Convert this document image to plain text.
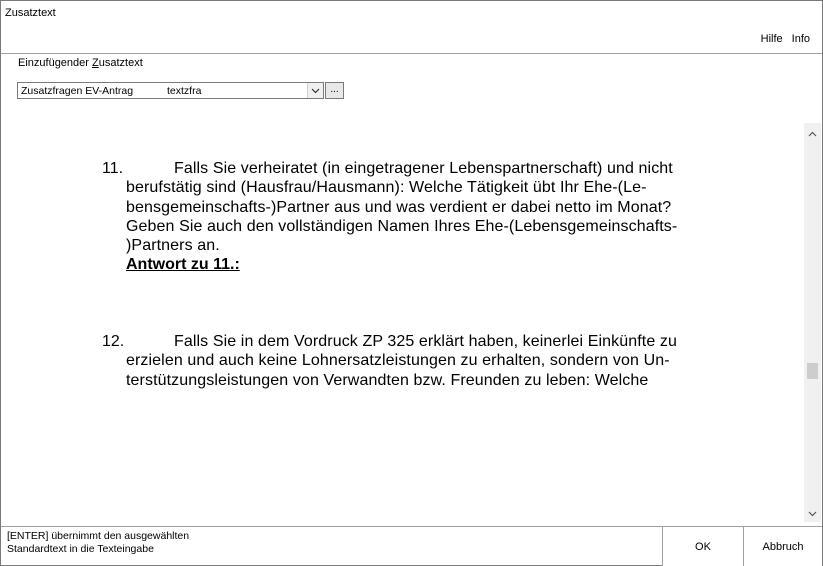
Zusatztext
Hilfe Info
Einzufügender Zusatztext
Zusatzfragen EV-Antrag	textzfra	...
11.	Falls Sie verheiratet (in eingetragener Lebenspartnerschaft) und nicht
berufstätig sind (Hausfrau/Hausmann): Welche Tätigkeit übt Ihr Ehe-(Le-
bensgemeinschafts-)Partner aus und was verdient er dabei netto im Monat?
Geben Sie auch den vollständigen Namen Ihres Ehe-(Lebensgemeinschafts-
)Partners an.
Antwort zu 11.:
12.	Falls Sie in dem Vordruck ZP 325 erklärt haben, keinerlei Einkünfte zu
erzielen und auch keine Lohnersatzleistungen zu erhalten, sondern von Un-
terstützungsleistungen von Verwandten bzw. Freunden zu leben: Welche
[ENTER] übernimmt den ausgewählten
Standardtext in die Texteingabe	OK	Abbruch
